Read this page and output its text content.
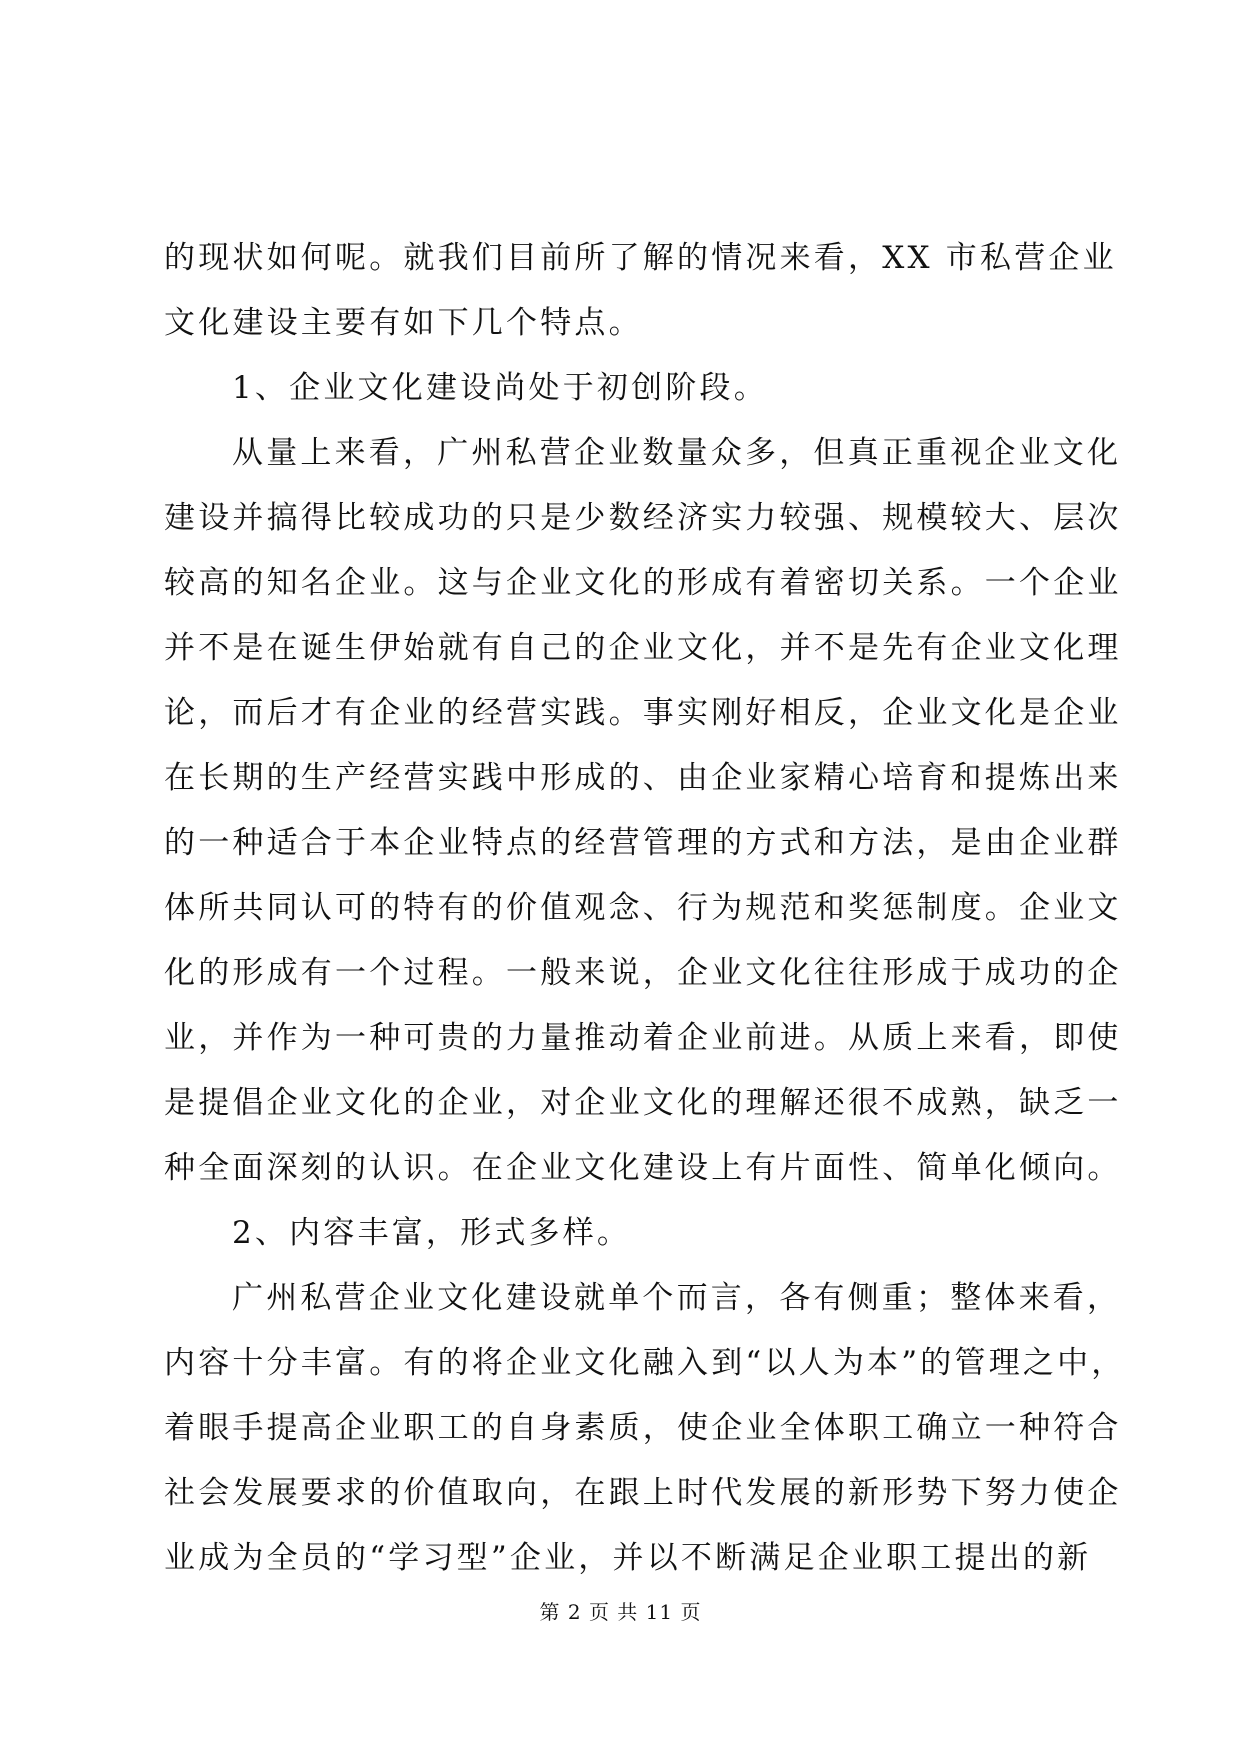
的现状如何呢。就我们目前所了解的情况来看，XX 市私营企业
文化建设主要有如下几个特点。
1、企业文化建设尚处于初创阶段。
从量上来看，广州私营企业数量众多，但真正重视企业文化
建设并搞得比较成功的只是少数经济实力较强、规模较大、层次
较高的知名企业。这与企业文化的形成有着密切关系。一个企业
并不是在诞生伊始就有自己的企业文化，并不是先有企业文化理
论，而后才有企业的经营实践。事实刚好相反，企业文化是企业
在长期的生产经营实践中形成的、由企业家精心培育和提炼出来
的一种适合于本企业特点的经营管理的方式和方法，是由企业群
体所共同认可的特有的价值观念、行为规范和奖惩制度。企业文
化的形成有一个过程。一般来说，企业文化往往形成于成功的企
业，并作为一种可贵的力量推动着企业前进。从质上来看，即使
是提倡企业文化的企业，对企业文化的理解还很不成熟，缺乏一
种全面深刻的认识。在企业文化建设上有片面性、简单化倾向。
2、内容丰富，形式多样。
广州私营企业文化建设就单个而言，各有侧重；整体来看，
内容十分丰富。有的将企业文化融入到“以人为本”的管理之中，
着眼手提高企业职工的自身素质，使企业全体职工确立一种符合
社会发展要求的价值取向，在跟上时代发展的新形势下努力使企
业成为全员的“学习型”企业，并以不断满足企业职工提出的新
第 2 页 共 11 页
